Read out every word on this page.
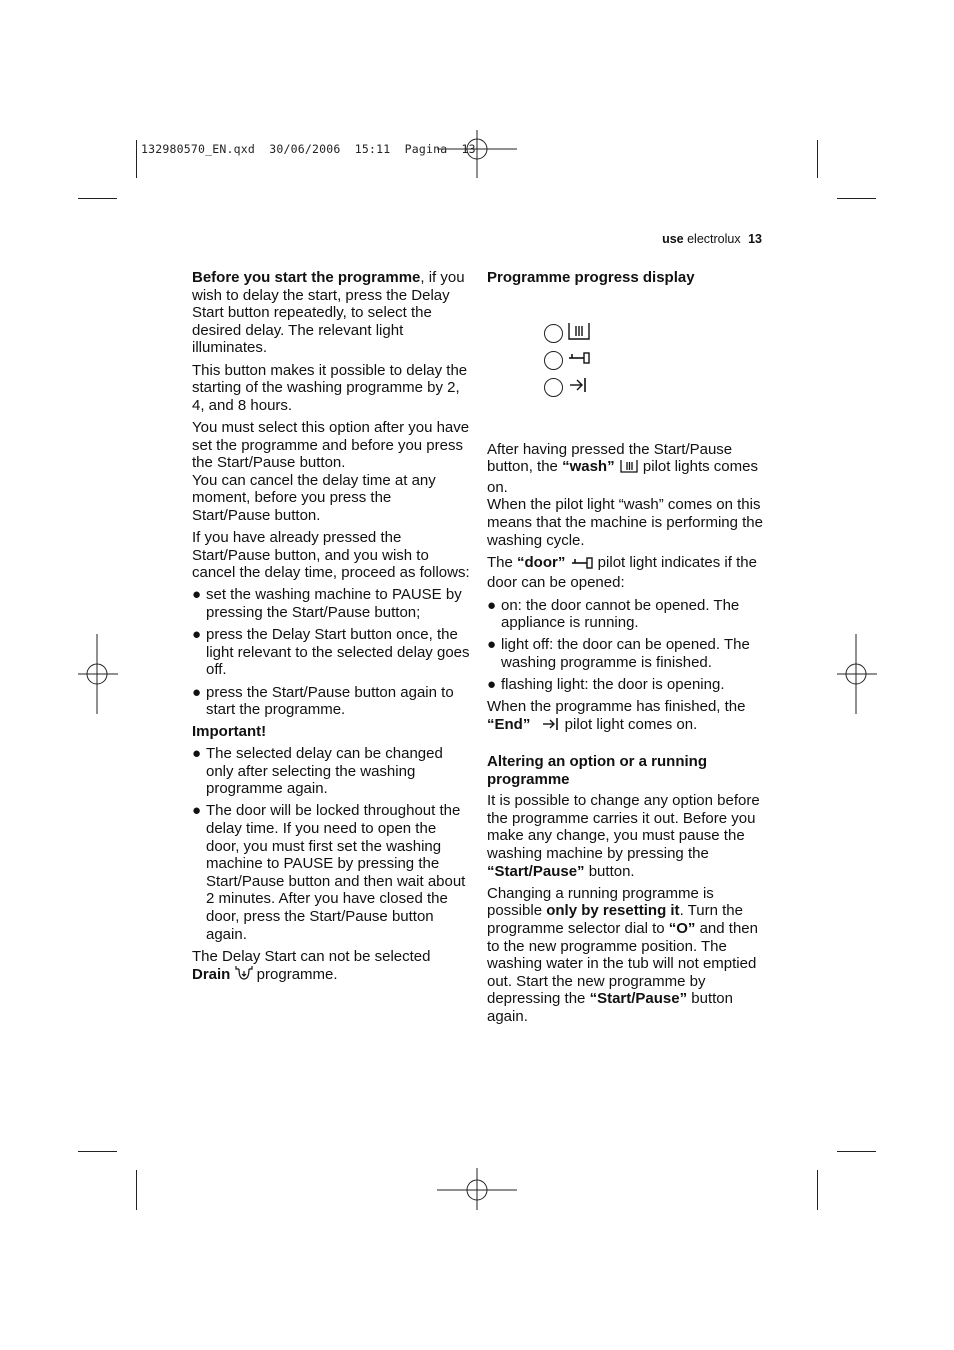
132980570_EN.qxd  30/06/2006  15:11  Pagina  13
use electrolux 13

Before you start the programme, if you wish to delay the start, press the Delay Start button repeatedly, to select the desired delay. The relevant light illuminates.

This button makes it possible to delay the starting of the washing programme by 2, 4, and 8 hours.

You must select this option after you have set the programme and before you press the Start/Pause button.

You can cancel the delay time at any moment, before you press the Start/Pause button.

If you have already pressed the Start/Pause button, and you wish to cancel the delay time, proceed as follows:

● set the washing machine to PAUSE by pressing the Start/Pause button;
● press the Delay Start button once, the light relevant to the selected delay goes off.
● press the Start/Pause button again to start the programme.
Important!
● The selected delay can be changed only after selecting the washing programme again.
● The door will be locked throughout the delay time. If you need to open the door, you must first set the washing machine to PAUSE by pressing the Start/Pause button and then wait about 2 minutes. After you have closed the door, press the Start/Pause button again.

The Delay Start can not be selected
Drain  programme.

Programme progress display

After having pressed the Start/Pause button, the “wash”  pilot lights comes on.

When the pilot light “wash” comes on this means that the machine is performing the washing cycle.

The “door”  pilot light indicates if the door can be opened:

● on: the door cannot be opened. The appliance is running.
● light off: the door can be opened. The washing programme is finished.
● flashing light: the door is opening.

When the programme has finished, the
“End”  pilot light comes on.

Altering an option or a running programme

It is possible to change any option before the programme carries it out. Before you make any change, you must pause the washing machine by pressing the “Start/Pause” button.

Changing a running programme is possible only by resetting it. Turn the programme selector dial to “O” and then to the new programme position. The washing water in the tub will not emptied out. Start the new programme by depressing the “Start/Pause” button again.
